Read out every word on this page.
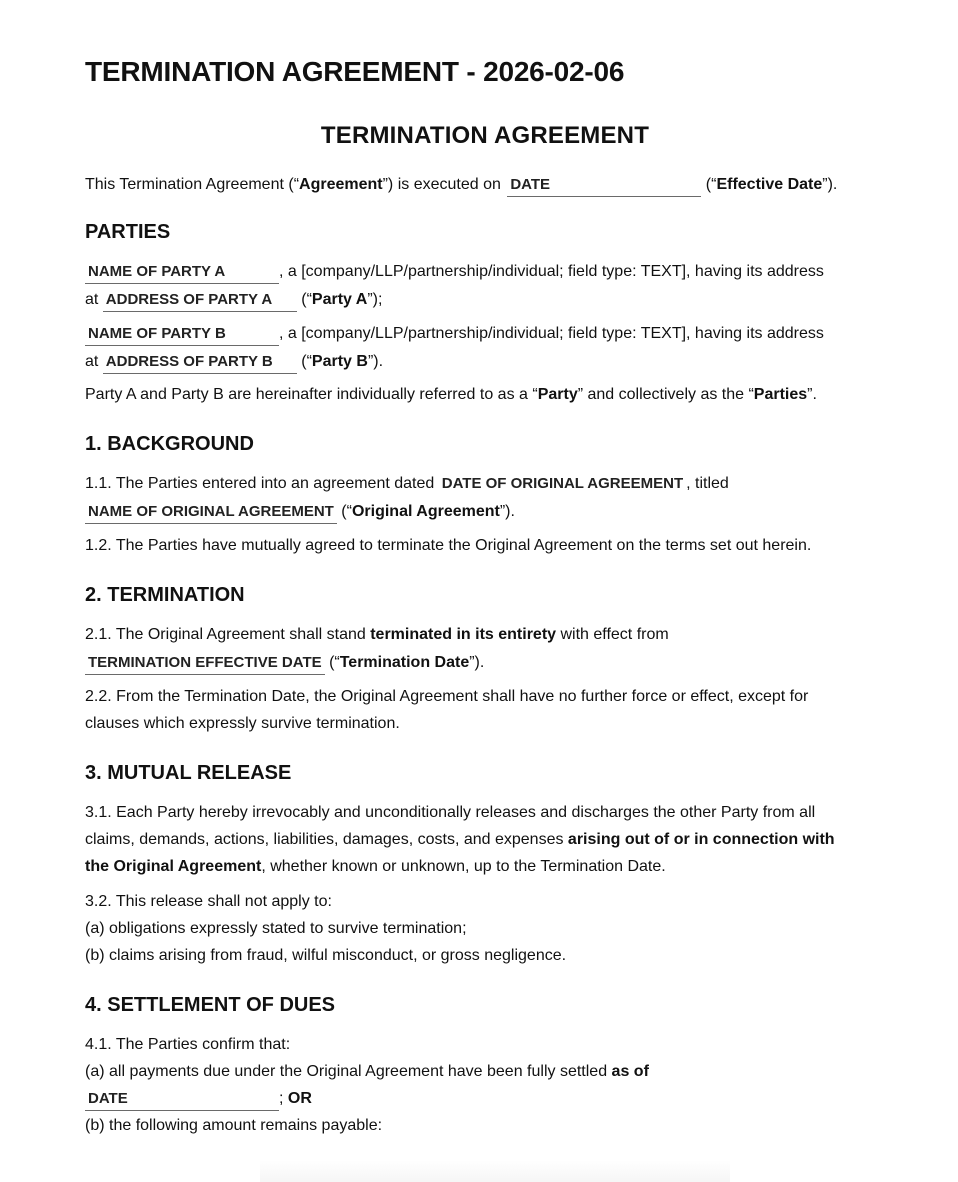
TERMINATION AGREEMENT - 2026-02-06
TERMINATION AGREEMENT

This Termination Agreement (“Agreement”) is executed on DATE	(“Effective Date”).

PARTIES

NAME OF PARTY A	, a [company/LLP/partnership/individual; field type: TEXT], having its address

at ADDRESS OF PARTY A (“Party A”);

NAME OF PARTY B	, a [company/LLP/partnership/individual; field type: TEXT], having its address

at ADDRESS OF PARTY B (“Party B”).

Party A and Party B are hereinafter individually referred to as a “Party” and collectively as the “Parties”.

1. BACKGROUND

1.1. The Parties entered into an agreement dated DATE OF ORIGINAL AGREEMENT , titled

NAME OF ORIGINAL AGREEMENT (“Original Agreement”).

1.2. The Parties have mutually agreed to terminate the Original Agreement on the terms set out herein.

2. TERMINATION

2.1. The Original Agreement shall stand terminated in its entirety with effect from

TERMINATION EFFECTIVE DATE (“Termination Date”).

2.2. From the Termination Date, the Original Agreement shall have no further force or effect, except for

clauses which expressly survive termination.

3. MUTUAL RELEASE

3.1. Each Party hereby irrevocably and unconditionally releases and discharges the other Party from all

claims, demands, actions, liabilities, damages, costs, and expenses arising out of or in connection with

the Original Agreement, whether known or unknown, up to the Termination Date.

3.2. This release shall not apply to:

(a) obligations expressly stated to survive termination;

(b) claims arising from fraud, wilful misconduct, or gross negligence.

4. SETTLEMENT OF DUES

4.1. The Parties confirm that:

(a) all payments due under the Original Agreement have been fully settled as of

DATE	; OR

(b) the following amount remains payable:
